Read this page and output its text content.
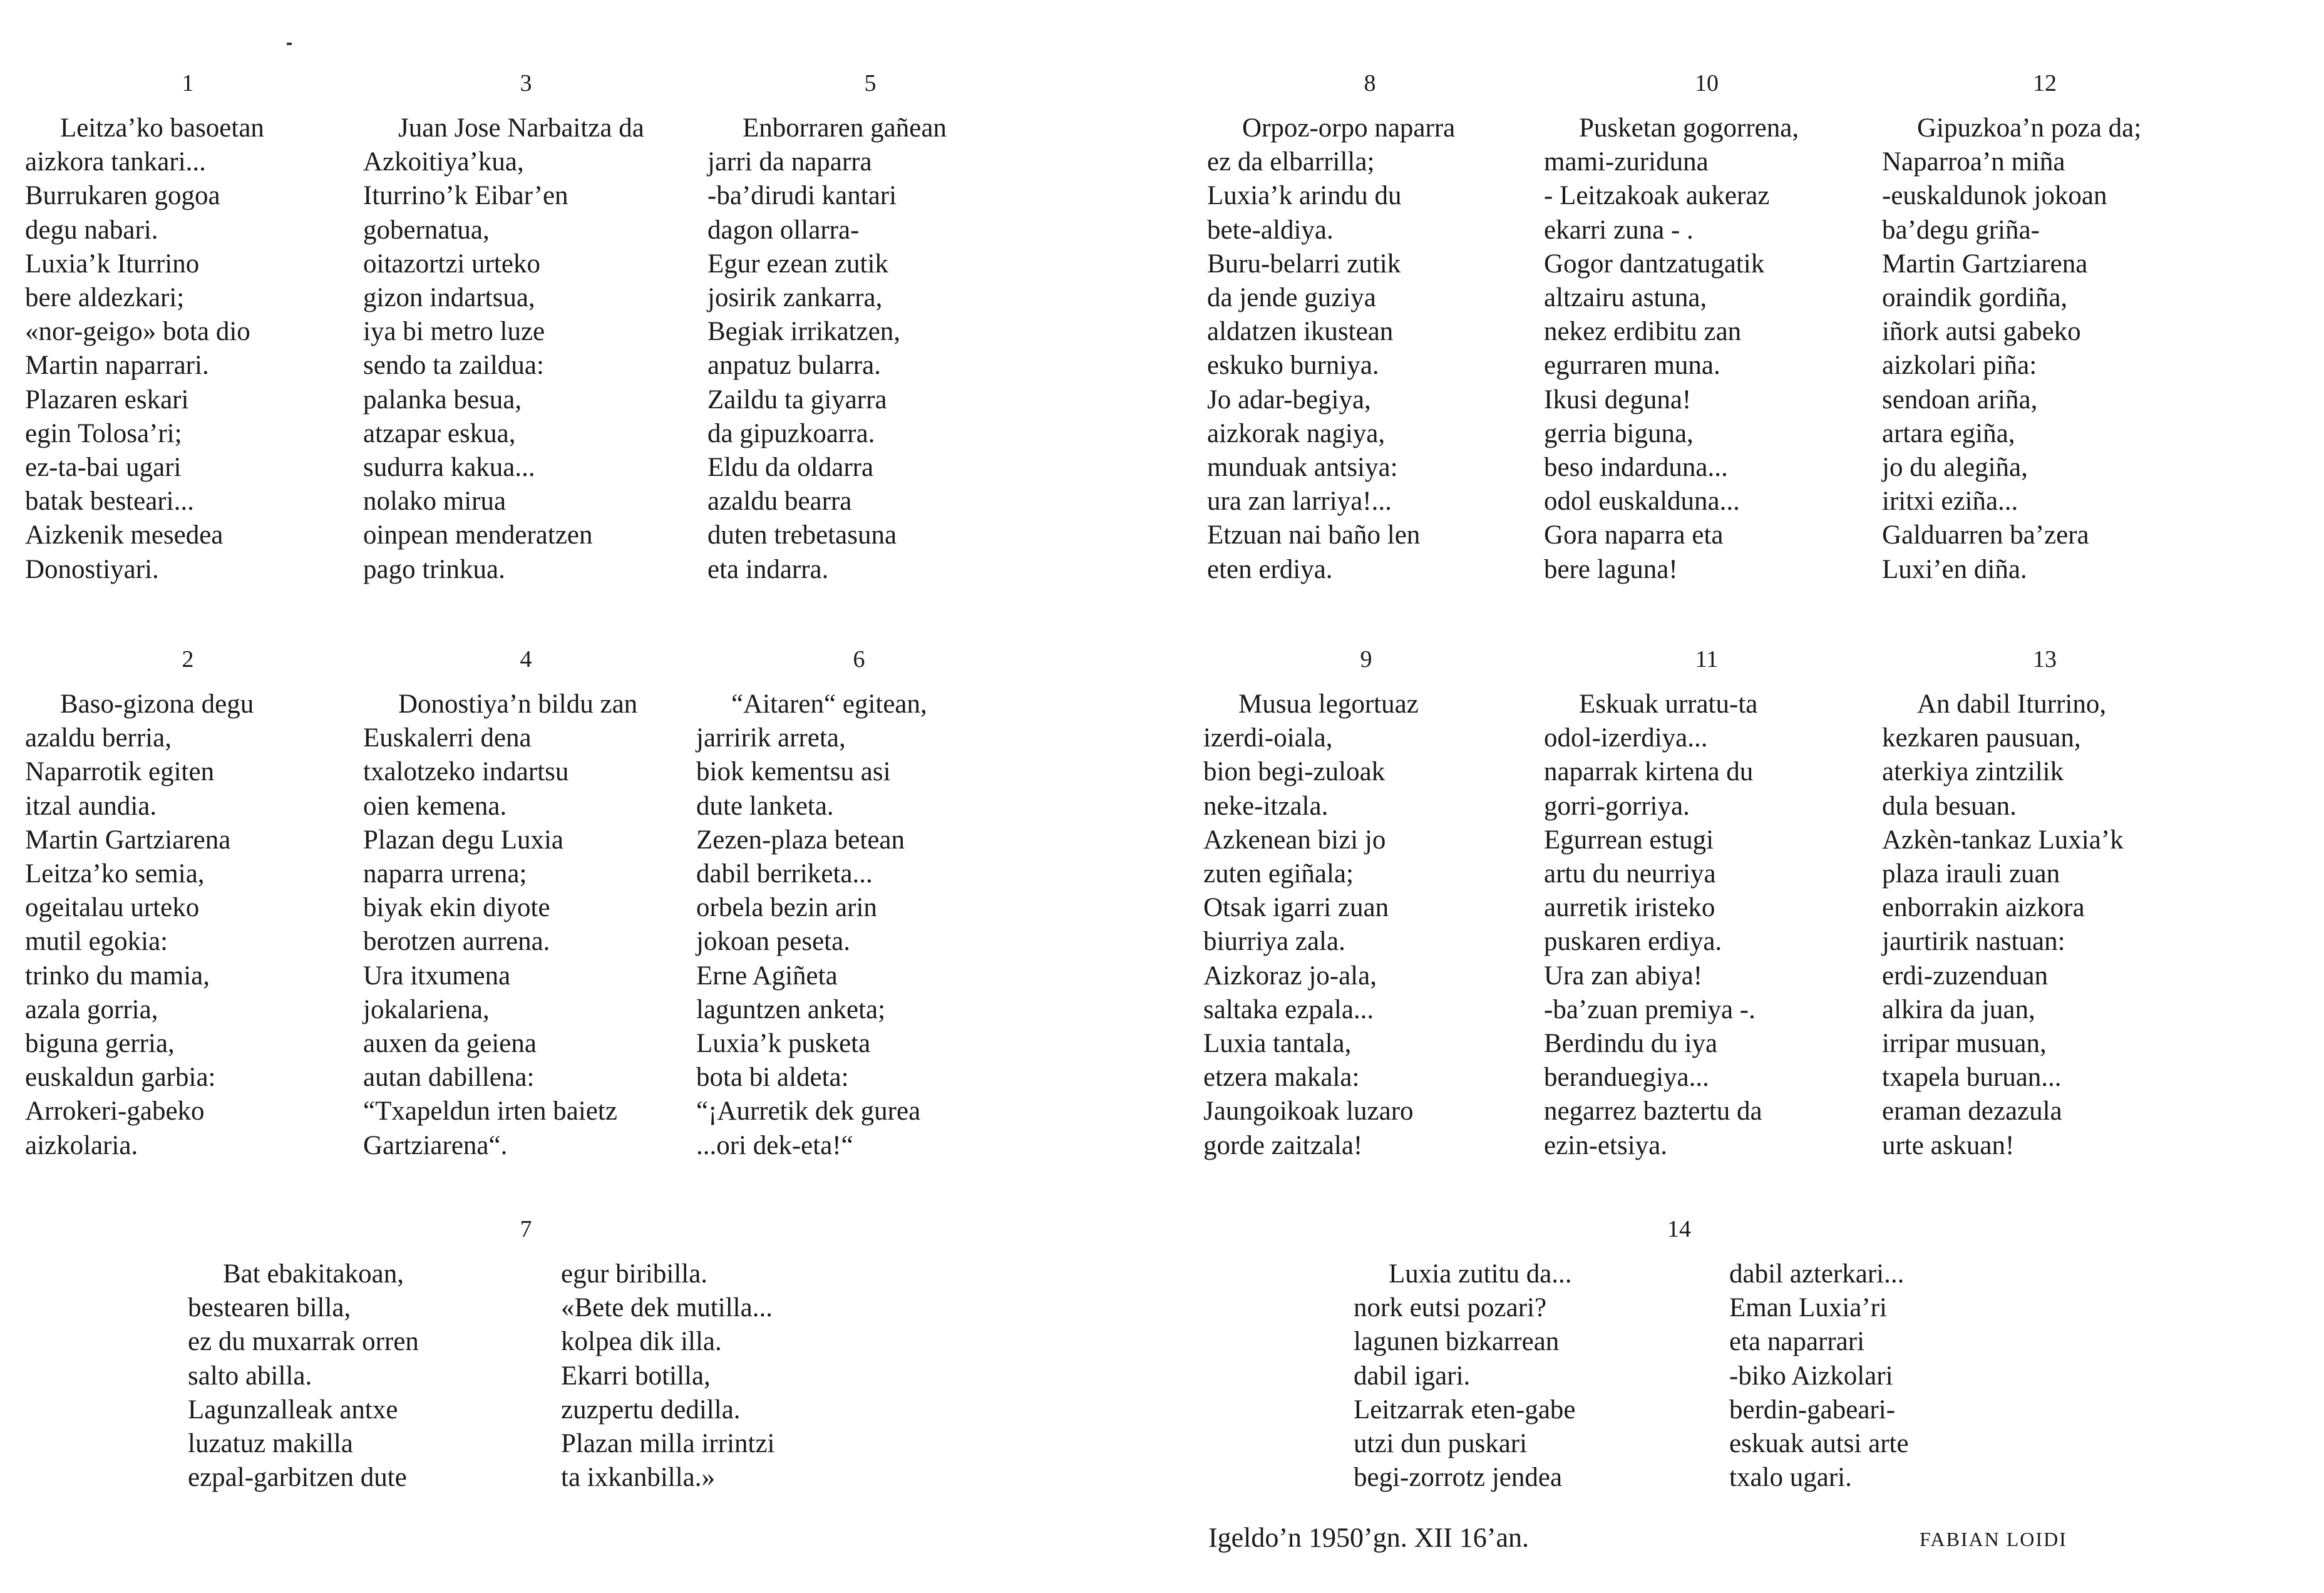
1
Leitza’ko basoetan
aizkora tankari...
Burrukaren gogoa
degu nabari.
Luxia’k Iturrino
bere aldezkari;
«nor-geigo» bota dio
Martin naparrari.
Plazaren eskari
egin Tolosa’ri;
ez-ta-bai ugari
batak besteari...
Aizkenik mesedea
Donostiyari.
3
Juan Jose Narbaitza da
Azkoitiya’kua,
Iturrino’k Eibar’en
gobernatua,
oitazortzi urteko
gizon indartsua,
iya bi metro luze
sendo ta zaildua:
palanka besua,
atzapar eskua,
sudurra kakua...
nolako mirua
oinpean menderatzen
pago trinkua.
5
Enborraren gañean
jarri da naparra
-ba’dirudi kantari
dagon ollarra-
Egur ezean zutik
josirik zankarra,
Begiak irrikatzen,
anpatuz bularra.
Zaildu ta giyarra
da gipuzkoarra.
Eldu da oldarra
azaldu bearra
duten trebetasuna
eta indarra.
8
Orpoz-orpo naparra
ez da elbarrilla;
Luxia’k arindu du
bete-aldiya.
Buru-belarri zutik
da jende guziya
aldatzen ikustean
eskuko burniya.
Jo adar-begiya,
aizkorak nagiya,
munduak antsiya:
ura zan larriya!...
Etzuan nai baño len
eten erdiya.
10
Pusketan gogorrena,
mami-zuriduna
- Leitzakoak aukeraz
ekarri zuna - .
Gogor dantzatugatik
altzairu astuna,
nekez erdibitu zan
egurraren muna.
Ikusi deguna!
gerria biguna,
beso indarduna...
odol euskalduna...
Gora naparra eta
bere laguna!
12
Gipuzkoa’n poza da;
Naparroa’n miña
-euskaldunok jokoan
ba’degu griña-
Martin Gartziarena
oraindik gordiña,
iñork autsi gabeko
aizkolari piña:
sendoan ariña,
artara egiña,
jo du alegiña,
iritxi eziña...
Galduarren ba’zera
Luxi’en diña.
2
Baso-gizona degu
azaldu berria,
Naparrotik egiten
itzal aundia.
Martin Gartziarena
Leitza’ko semia,
ogeitalau urteko
mutil egokia:
trinko du mamia,
azala gorria,
biguna gerria,
euskaldun garbia:
Arrokeri-gabeko
aizkolaria.
4
Donostiya’n bildu zan
Euskalerri dena
txalotzeko indartsu
oien kemena.
Plazan degu Luxia
naparra urrena;
biyak ekin diyote
berotzen aurrena.
Ura itxumena
jokalariena,
auxen da geiena
autan dabillena:
“Txapeldun irten baietz
Gartziarena“.
6
“Aitaren“ egitean,
jarririk arreta,
biok kementsu asi
dute lanketa.
Zezen-plaza betean
dabil berriketa...
orbela bezin arin
jokoan peseta.
Erne Agiñeta
laguntzen anketa;
Luxia’k pusketa
bota bi aldeta:
“¡Aurretik dek gurea
...ori dek-eta!“
9
Musua legortuaz
izerdi-oiala,
bion begi-zuloak
neke-itzala.
Azkenean bizi jo
zuten egiñala;
Otsak igarri zuan
biurriya zala.
Aizkoraz jo-ala,
saltaka ezpala...
Luxia tantala,
etzera makala:
Jaungoikoak luzaro
gorde zaitzala!
11
Eskuak urratu-ta
odol-izerdiya...
naparrak kirtena du
gorri-gorriya.
Egurrean estugi
artu du neurriya
aurretik iristeko
puskaren erdiya.
Ura zan abiya!
-ba’zuan premiya -.
Berdindu du iya
beranduegiya...
negarrez baztertu da
ezin-etsiya.
13
An dabil Iturrino,
kezkaren pausuan,
aterkiya zintzilik
dula besuan.
Azkèn-tankaz Luxia’k
plaza irauli zuan
enborrakin aizkora
jaurtirik nastuan:
erdi-zuzenduan
alkira da juan,
irripar musuan,
txapela buruan...
eraman dezazula
urte askuan!
7
Bat ebakitakoan,
bestearen billa,
ez du muxarrak orren
salto abilla.
Lagunzalleak antxe
luzatuz makilla
ezpal-garbitzen dute
egur biribilla.
«Bete dek mutilla...
kolpea dik illa.
Ekarri botilla,
zuzpertu dedilla.
Plazan milla irrintzi
ta ixkanbilla.»
14
Luxia zutitu da...
nork eutsi pozari?
lagunen bizkarrean
dabil igari.
Leitzarrak eten-gabe
utzi dun puskari
begi-zorrotz jendea
dabil azterkari...
Eman Luxia’ri
eta naparrari
-biko Aizkolari
berdin-gabeari-
eskuak autsi arte
txalo ugari.
Igeldo’n 1950’gn. XII 16’an.	FABIAN LOIDI
